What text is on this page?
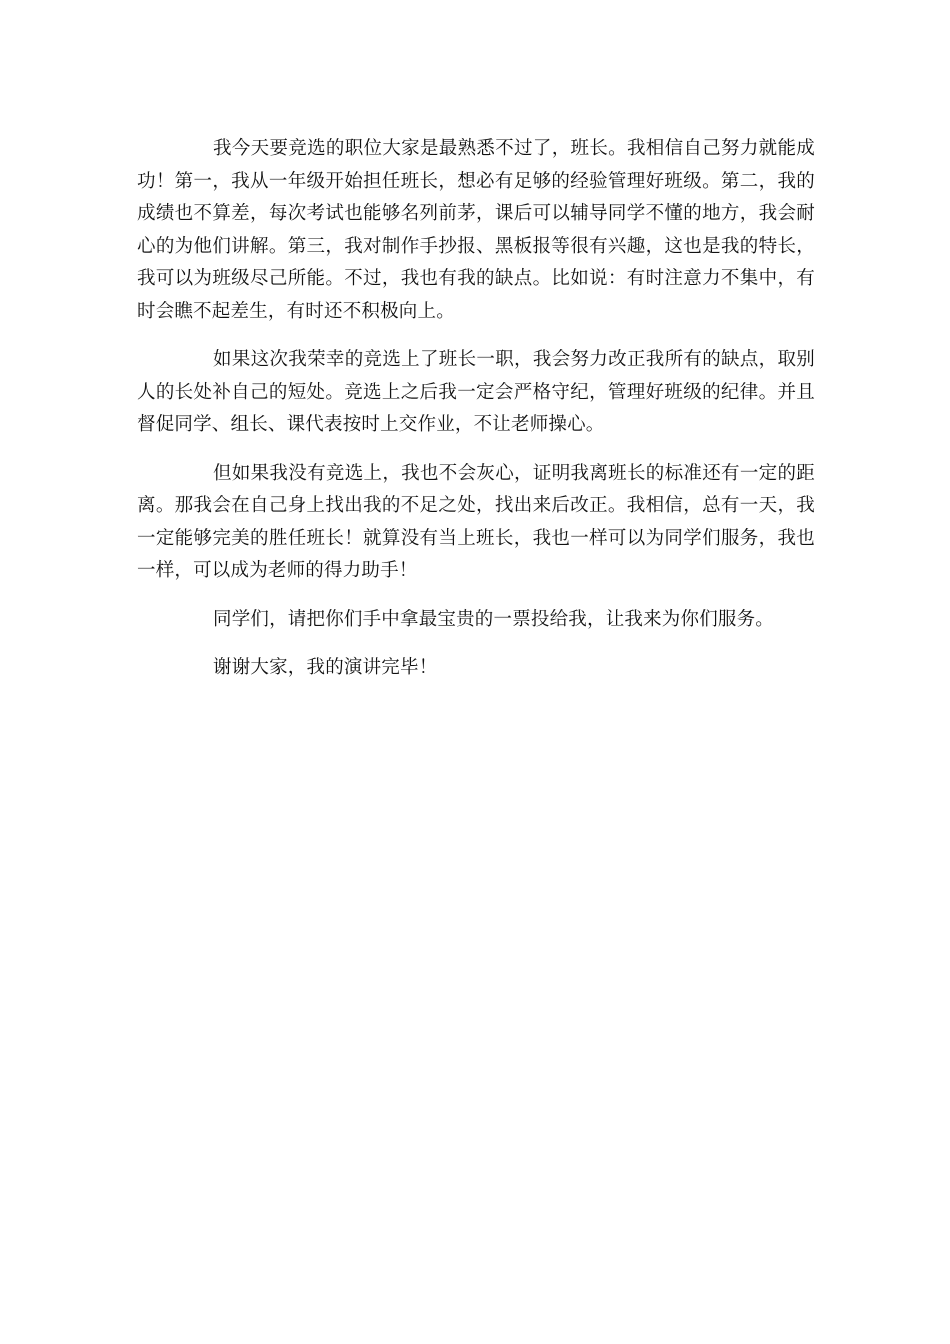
我今天要竞选的职位大家是最熟悉不过了，班长。我相信自己努力就能成功！第一，我从一年级开始担任班长，想必有足够的经验管理好班级。第二，我的成绩也不算差，每次考试也能够名列前茅，课后可以辅导同学不懂的地方，我会耐心的为他们讲解。第三，我对制作手抄报、黑板报等很有兴趣，这也是我的特长，我可以为班级尽己所能。不过，我也有我的缺点。比如说：有时注意力不集中，有时会瞧不起差生，有时还不积极向上。

如果这次我荣幸的竞选上了班长一职，我会努力改正我所有的缺点，取别人的长处补自己的短处。竞选上之后我一定会严格守纪，管理好班级的纪律。并且督促同学、组长、课代表按时上交作业，不让老师操心。

但如果我没有竞选上，我也不会灰心，证明我离班长的标准还有一定的距离。那我会在自己身上找出我的不足之处，找出来后改正。我相信，总有一天，我一定能够完美的胜任班长！就算没有当上班长，我也一样可以为同学们服务，我也一样，可以成为老师的得力助手！

同学们，请把你们手中拿最宝贵的一票投给我，让我来为你们服务。

谢谢大家，我的演讲完毕！
